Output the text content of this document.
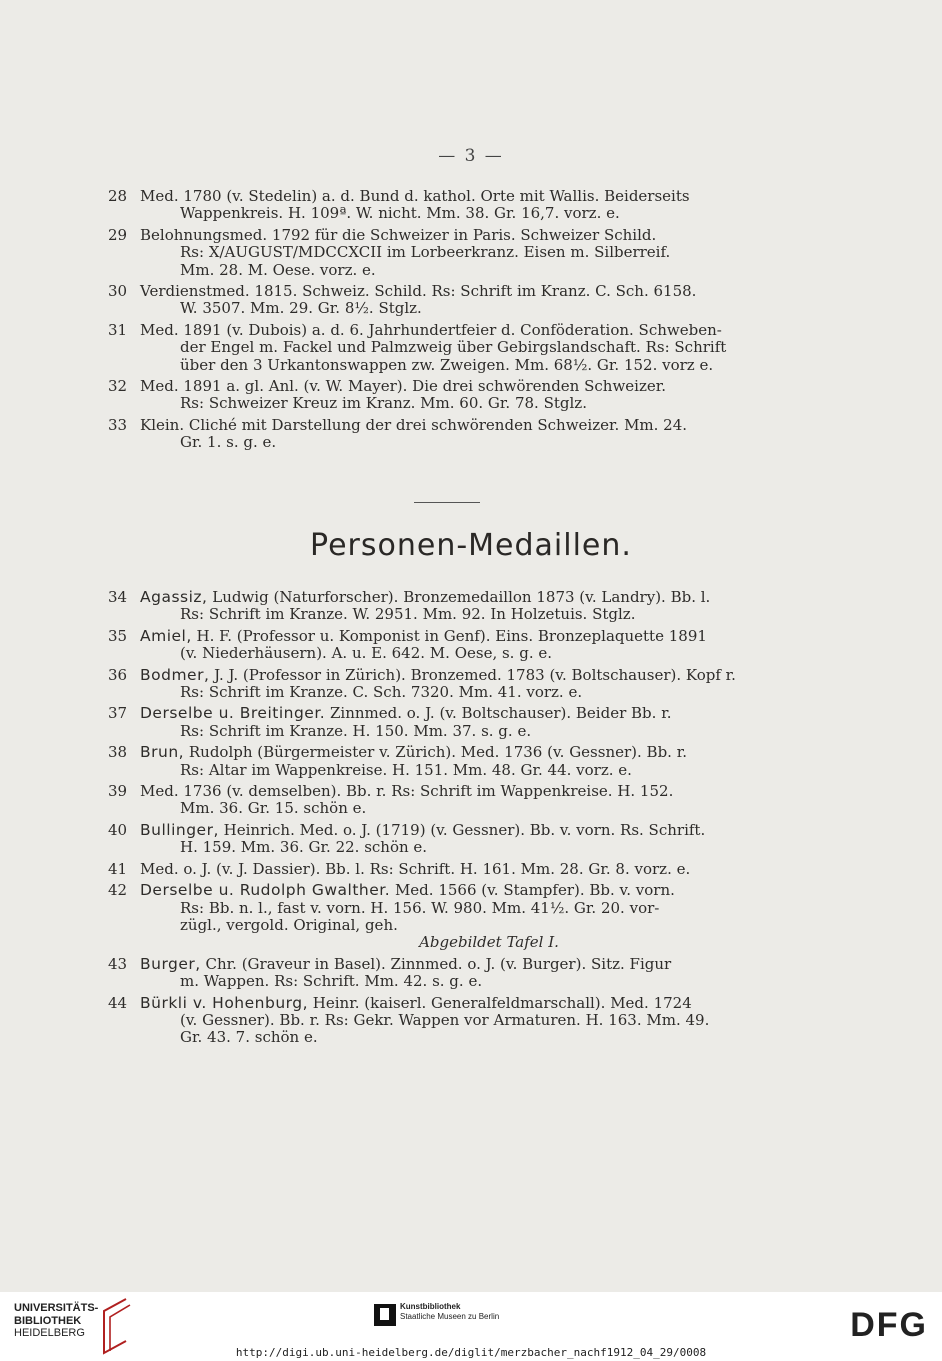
— 3 —
28 Med. 1780 (v. Stedelin) a. d. Bund d. kathol. Orte mit Wallis. Beiderseits
Wappenkreis. H. 109ª. W. nicht. Mm. 38. Gr. 16,7. vorz. e.
29 Belohnungsmed. 1792 für die Schweizer in Paris. Schweizer Schild.
Rs: X/AUGUST/MDCCXCII im Lorbeerkranz. Eisen m. Silberreif.
Mm. 28. M. Oese. vorz. e.
30 Verdienstmed. 1815. Schweiz. Schild. Rs: Schrift im Kranz. C. Sch. 6158.
W. 3507. Mm. 29. Gr. 8½. Stglz.
31 Med. 1891 (v. Dubois) a. d. 6. Jahrhundertfeier d. Conföderation. Schweben-
der Engel m. Fackel und Palmzweig über Gebirgslandschaft. Rs: Schrift
über den 3 Urkantonswappen zw. Zweigen. Mm. 68½. Gr. 152. vorz e.
32 Med. 1891 a. gl. Anl. (v. W. Mayer). Die drei schwörenden Schweizer.
Rs: Schweizer Kreuz im Kranz. Mm. 60. Gr. 78. Stglz.
33 Klein. Cliché mit Darstellung der drei schwörenden Schweizer. Mm. 24.
Gr. 1. s. g. e.
Personen-Medaillen.
34 Agassiz, Ludwig (Naturforscher). Bronzemedaillon 1873 (v. Landry). Bb. l.
Rs: Schrift im Kranze. W. 2951. Mm. 92. In Holzetuis. Stglz.
35 Amiel, H. F. (Professor u. Komponist in Genf). Eins. Bronzeplaquette 1891
(v. Niederhäusern). A. u. E. 642. M. Oese, s. g. e.
36 Bodmer, J. J. (Professor in Zürich). Bronzemed. 1783 (v. Boltschauser). Kopf r.
Rs: Schrift im Kranze. C. Sch. 7320. Mm. 41. vorz. e.
37 Derselbe u. Breitinger. Zinnmed. o. J. (v. Boltschauser). Beider Bb. r.
Rs: Schrift im Kranze. H. 150. Mm. 37. s. g. e.
38 Brun, Rudolph (Bürgermeister v. Zürich). Med. 1736 (v. Gessner). Bb. r.
Rs: Altar im Wappenkreise. H. 151. Mm. 48. Gr. 44. vorz. e.
39 Med. 1736 (v. demselben). Bb. r. Rs: Schrift im Wappenkreise. H. 152.
Mm. 36. Gr. 15. schön e.
40 Bullinger, Heinrich. Med. o. J. (1719) (v. Gessner). Bb. v. vorn. Rs. Schrift.
H. 159. Mm. 36. Gr. 22. schön e.
41 Med. o. J. (v. J. Dassier). Bb. l. Rs: Schrift. H. 161. Mm. 28. Gr. 8. vorz. e.
42 Derselbe u. Rudolph Gwalther. Med. 1566 (v. Stampfer). Bb. v. vorn.
Rs: Bb. n. l., fast v. vorn. H. 156. W. 980. Mm. 41½. Gr. 20. vor-
zügl., vergold. Original, geh.
Abgebildet Tafel I.
43 Burger, Chr. (Graveur in Basel). Zinnmed. o. J. (v. Burger). Sitz. Figur
m. Wappen. Rs: Schrift. Mm. 42. s. g. e.
44 Bürkli v. Hohenburg, Heinr. (kaiserl. Generalfeldmarschall). Med. 1724
(v. Gessner). Bb. r. Rs: Gekr. Wappen vor Armaturen. H. 163. Mm. 49.
Gr. 43. 7. schön e.
UNIVERSITÄTS-
BIBLIOTHEK
HEIDELBERG
Kunstbibliothek
Staatliche Museen zu Berlin	DFG
http://digi.ub.uni-heidelberg.de/diglit/merzbacher_nachf1912_04_29/0008
